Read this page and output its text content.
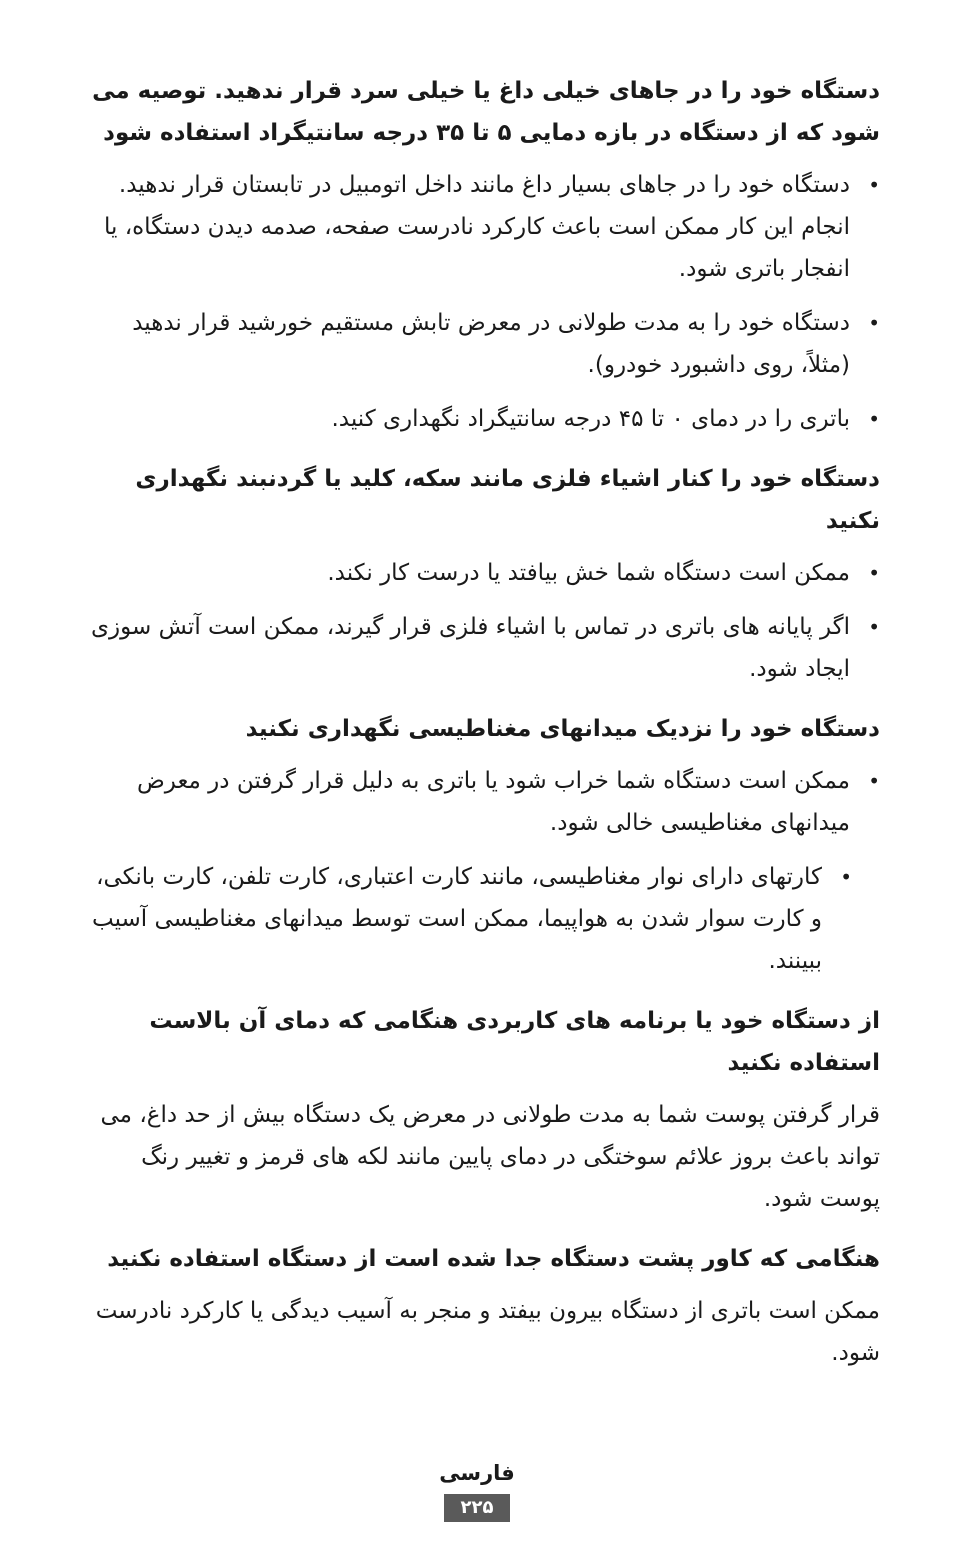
دستگاه خود را در جاهای خیلی داغ یا خیلی سرد قرار ندهید. توصیه می شود که از دستگاه در بازه دمایی ۵ تا ۳۵ درجه سانتیگراد استفاده شود

•
دستگاه خود را در جاهای بسیار داغ مانند داخل اتومبیل در تابستان قرار ندهید. انجام این کار ممکن است باعث کارکرد نادرست صفحه، صدمه دیدن دستگاه، یا انفجار باتری شود.
•
دستگاه خود را به مدت طولانی در معرض تابش مستقیم خورشید قرار ندهید (مثلاً، روی داشبورد خودرو).
•
باتری را در دمای ۰ تا ۴۵ درجه سانتیگراد نگهداری کنید.

دستگاه خود را کنار اشیاء فلزی مانند سکه، کلید یا گردنبند نگهداری نکنید

•
ممکن است دستگاه شما خش بیافتد یا درست کار نکند.
•
اگر پایانه های باتری در تماس با اشیاء فلزی قرار گیرند، ممکن است آتش سوزی ایجاد شود.

دستگاه خود را نزدیک میدانهای مغناطیسی نگهداری نکنید

•
ممکن است دستگاه شما خراب شود یا باتری به دلیل قرار گرفتن در معرض میدانهای مغناطیسی خالی شود.
•
کارتهای دارای نوار مغناطیسی، مانند کارت اعتباری، کارت تلفن، کارت بانکی، و کارت سوار شدن به هواپیما، ممکن است توسط میدانهای مغناطیسی آسیب ببینند.

از دستگاه خود یا برنامه های کاربردی هنگامی که دمای آن بالاست استفاده نکنید

قرار گرفتن پوست شما به مدت طولانی در معرض یک دستگاه بیش از حد داغ، می تواند باعث بروز علائم سوختگی در دمای پایین مانند لکه های قرمز و تغییر رنگ پوست شود.

هنگامی که کاور پشت دستگاه جدا شده است از دستگاه استفاده نکنید

ممکن است باتری از دستگاه بیرون بیفتد و منجر به آسیب دیدگی یا کارکرد نادرست شود.

فارسی
۲۲۵
